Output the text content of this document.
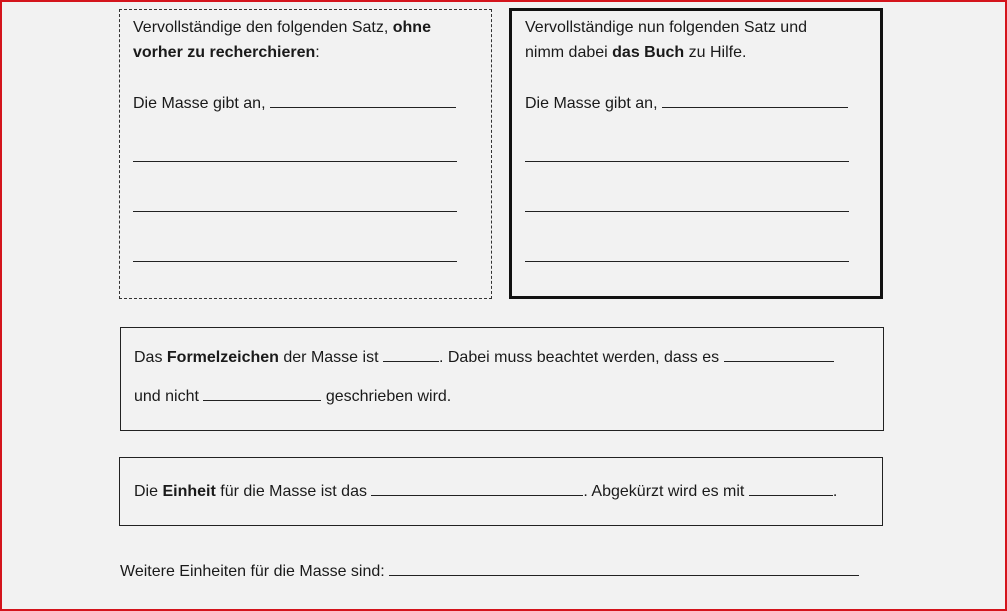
Vervollständige den folgenden Satz, ohne
vorher zu recherchieren:
Die Masse gibt an,
Vervollständige nun folgenden Satz und
nimm dabei das Buch zu Hilfe.
Die Masse gibt an,
Das Formelzeichen der Masse ist	. Dabei muss beachtet werden, dass es
und nicht	geschrieben wird.
Die Einheit für die Masse ist das	. Abgekürzt wird es mit	.
Weitere Einheiten für die Masse sind:
